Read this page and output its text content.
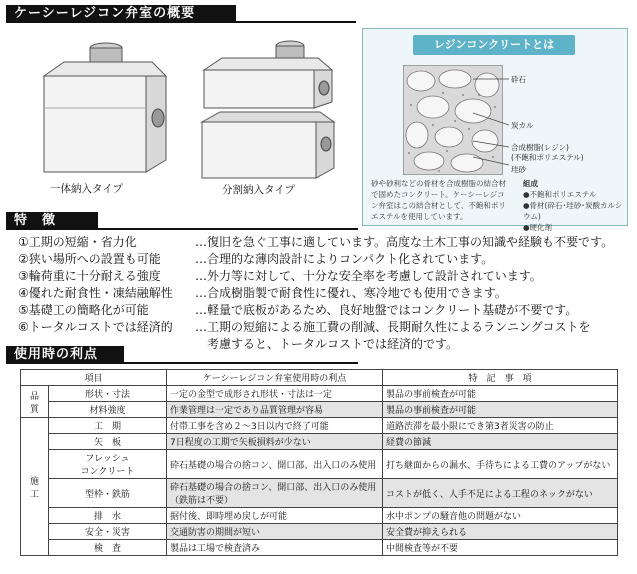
ケーシーレジコン弁室の概要
一体納入タイプ	分割納入タイプ
レジンコンクリートとは
砕石
炭カル
合成樹脂(レジン)
(不飽和ポリエステル)
珪砂
砂や砂利などの骨材を合成樹脂の結合材
で固めたコンクリート。ケーシーレジコ
ン弁室はこの結合材として、不飽和ポリ
エステルを使用しています。
組成
●不飽和ポリエステル
●骨材(砕石･珪砂･炭酸カルシウム)
●硬化剤
特　徴
①工期の短縮・省力化	…復旧を急ぐ工事に適しています。高度な土木工事の知識や経験も不要です。
②狭い場所への設置も可能	…合理的な薄肉設計によりコンパクト化されています。
③輪荷重に十分耐える強度	…外力等に対して、十分な安全率を考慮して設計されています。
④優れた耐食性・凍結融解性 …合成樹脂製で耐食性に優れ、寒冷地でも使用できます。
⑤基礎工の簡略化が可能	…軽量で底板があるため、良好地盤ではコンクリート基礎が不要です。
⑥トータルコストでは経済的 …工期の短縮による施工費の削減、長期耐久性によるランニングコストを
考慮すると、トータルコストでは経済的です。
使用時の利点
項目		ケーシーレジコン弁室使用時の利点	特　記　事　項
品
質	形状・寸法	一定の金型で成形され形状・寸法は一定	製品の事前検査が可能
	材料強度	作業管理は一定であり品質管理が容易	製品の事前検査が可能
施
工	工　期	付帯工事を含め２～3日以内で終了可能	道路渋滞を最小限にでき第3者災害の防止
	矢　板	7日程度の工期で矢板損料が少ない	経費の節減
	フレッシュ
コンクリート	砕石基礎の場合の捨コン、開口部、出入口のみ使用	打ち継面からの漏水、手待ちによる工費のアップがない
	型枠・鉄筋	砕石基礎の場合の捨コン、開口部、出入口のみ使用（鉄筋は不要）	コストが低く、人手不足による工程のネックがない
	排　水	据付後、即時埋め戻しが可能	水中ポンプの騒音他の問題がない
	安全・災害	交通防害の期間が短い	安全費が抑えられる
	検　査	製品は工場で検査済み	中間検査等が不要
